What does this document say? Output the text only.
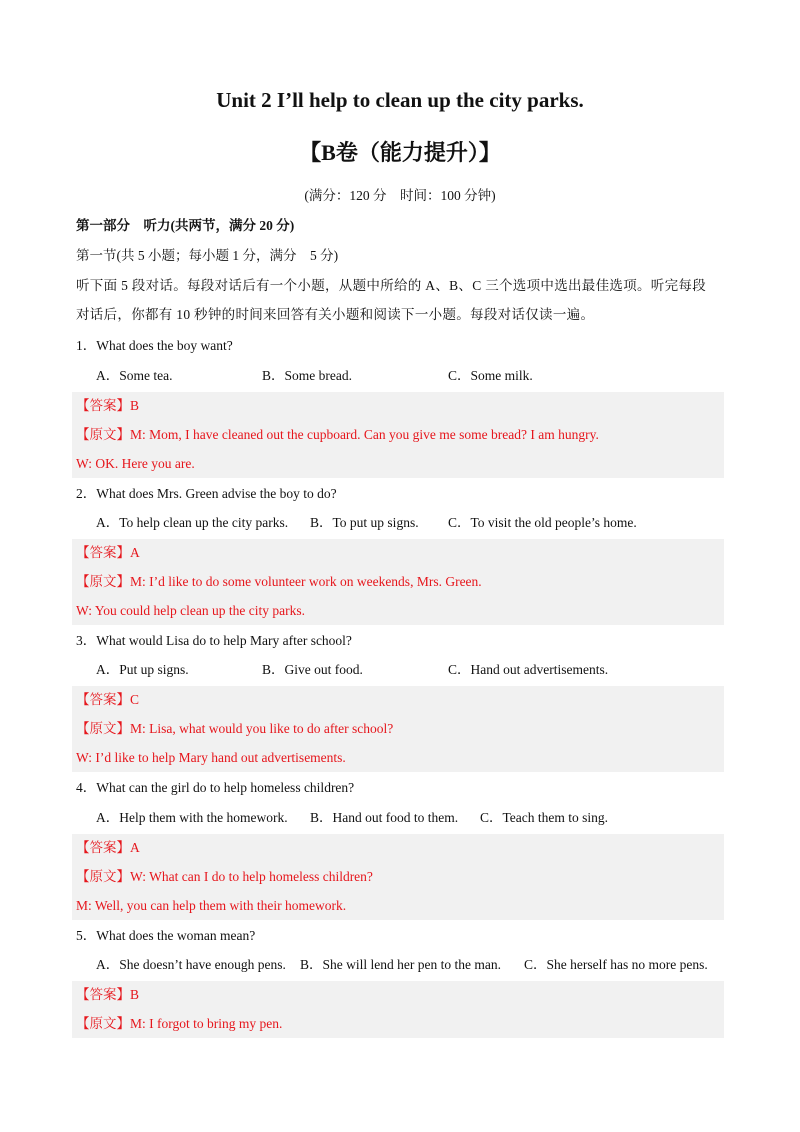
Unit 2 I’ll help to clean up the city parks.
【B卷（能力提升）】
(满分：120 分　时间：100 分钟)
第一部分　听力(共两节，满分 20 分)
第一节(共 5 小题；每小题 1 分，满分　5 分)
听下面 5 段对话。每段对话后有一个小题，从题中所给的 A、B、C 三个选项中选出最佳选项。听完每段
对话后，你都有 10 秒钟的时间来回答有关小题和阅读下一小题。每段对话仅读一遍。
1．What does the boy want?
A．Some tea.	B．Some bread.	C．Some milk.
【答案】B
【原文】M: Mom, I have cleaned out the cupboard. Can you give me some bread? I am hungry.
W: OK. Here you are.
2．What does Mrs. Green advise the boy to do?
A．To help clean up the city parks. B．To put up signs. C．To visit the old people’s home.
【答案】A
【原文】M: I’d like to do some volunteer work on weekends, Mrs. Green.
W: You could help clean up the city parks.
3．What would Lisa do to help Mary after school?
A．Put up signs.	B．Give out food.	C．Hand out advertisements.
【答案】C
【原文】M: Lisa, what would you like to do after school?
W: I’d like to help Mary hand out advertisements.
4．What can the girl do to help homeless children?
A．Help them with the homework. B．Hand out food to them. C．Teach them to sing.
【答案】A
【原文】W: What can I do to help homeless children?
M: Well, you can help them with their homework.
5．What does the woman mean?
A．She doesn’t have enough pens. B．She will lend her pen to the man. C．She herself has no more pens.
【答案】B
【原文】M: I forgot to bring my pen.
